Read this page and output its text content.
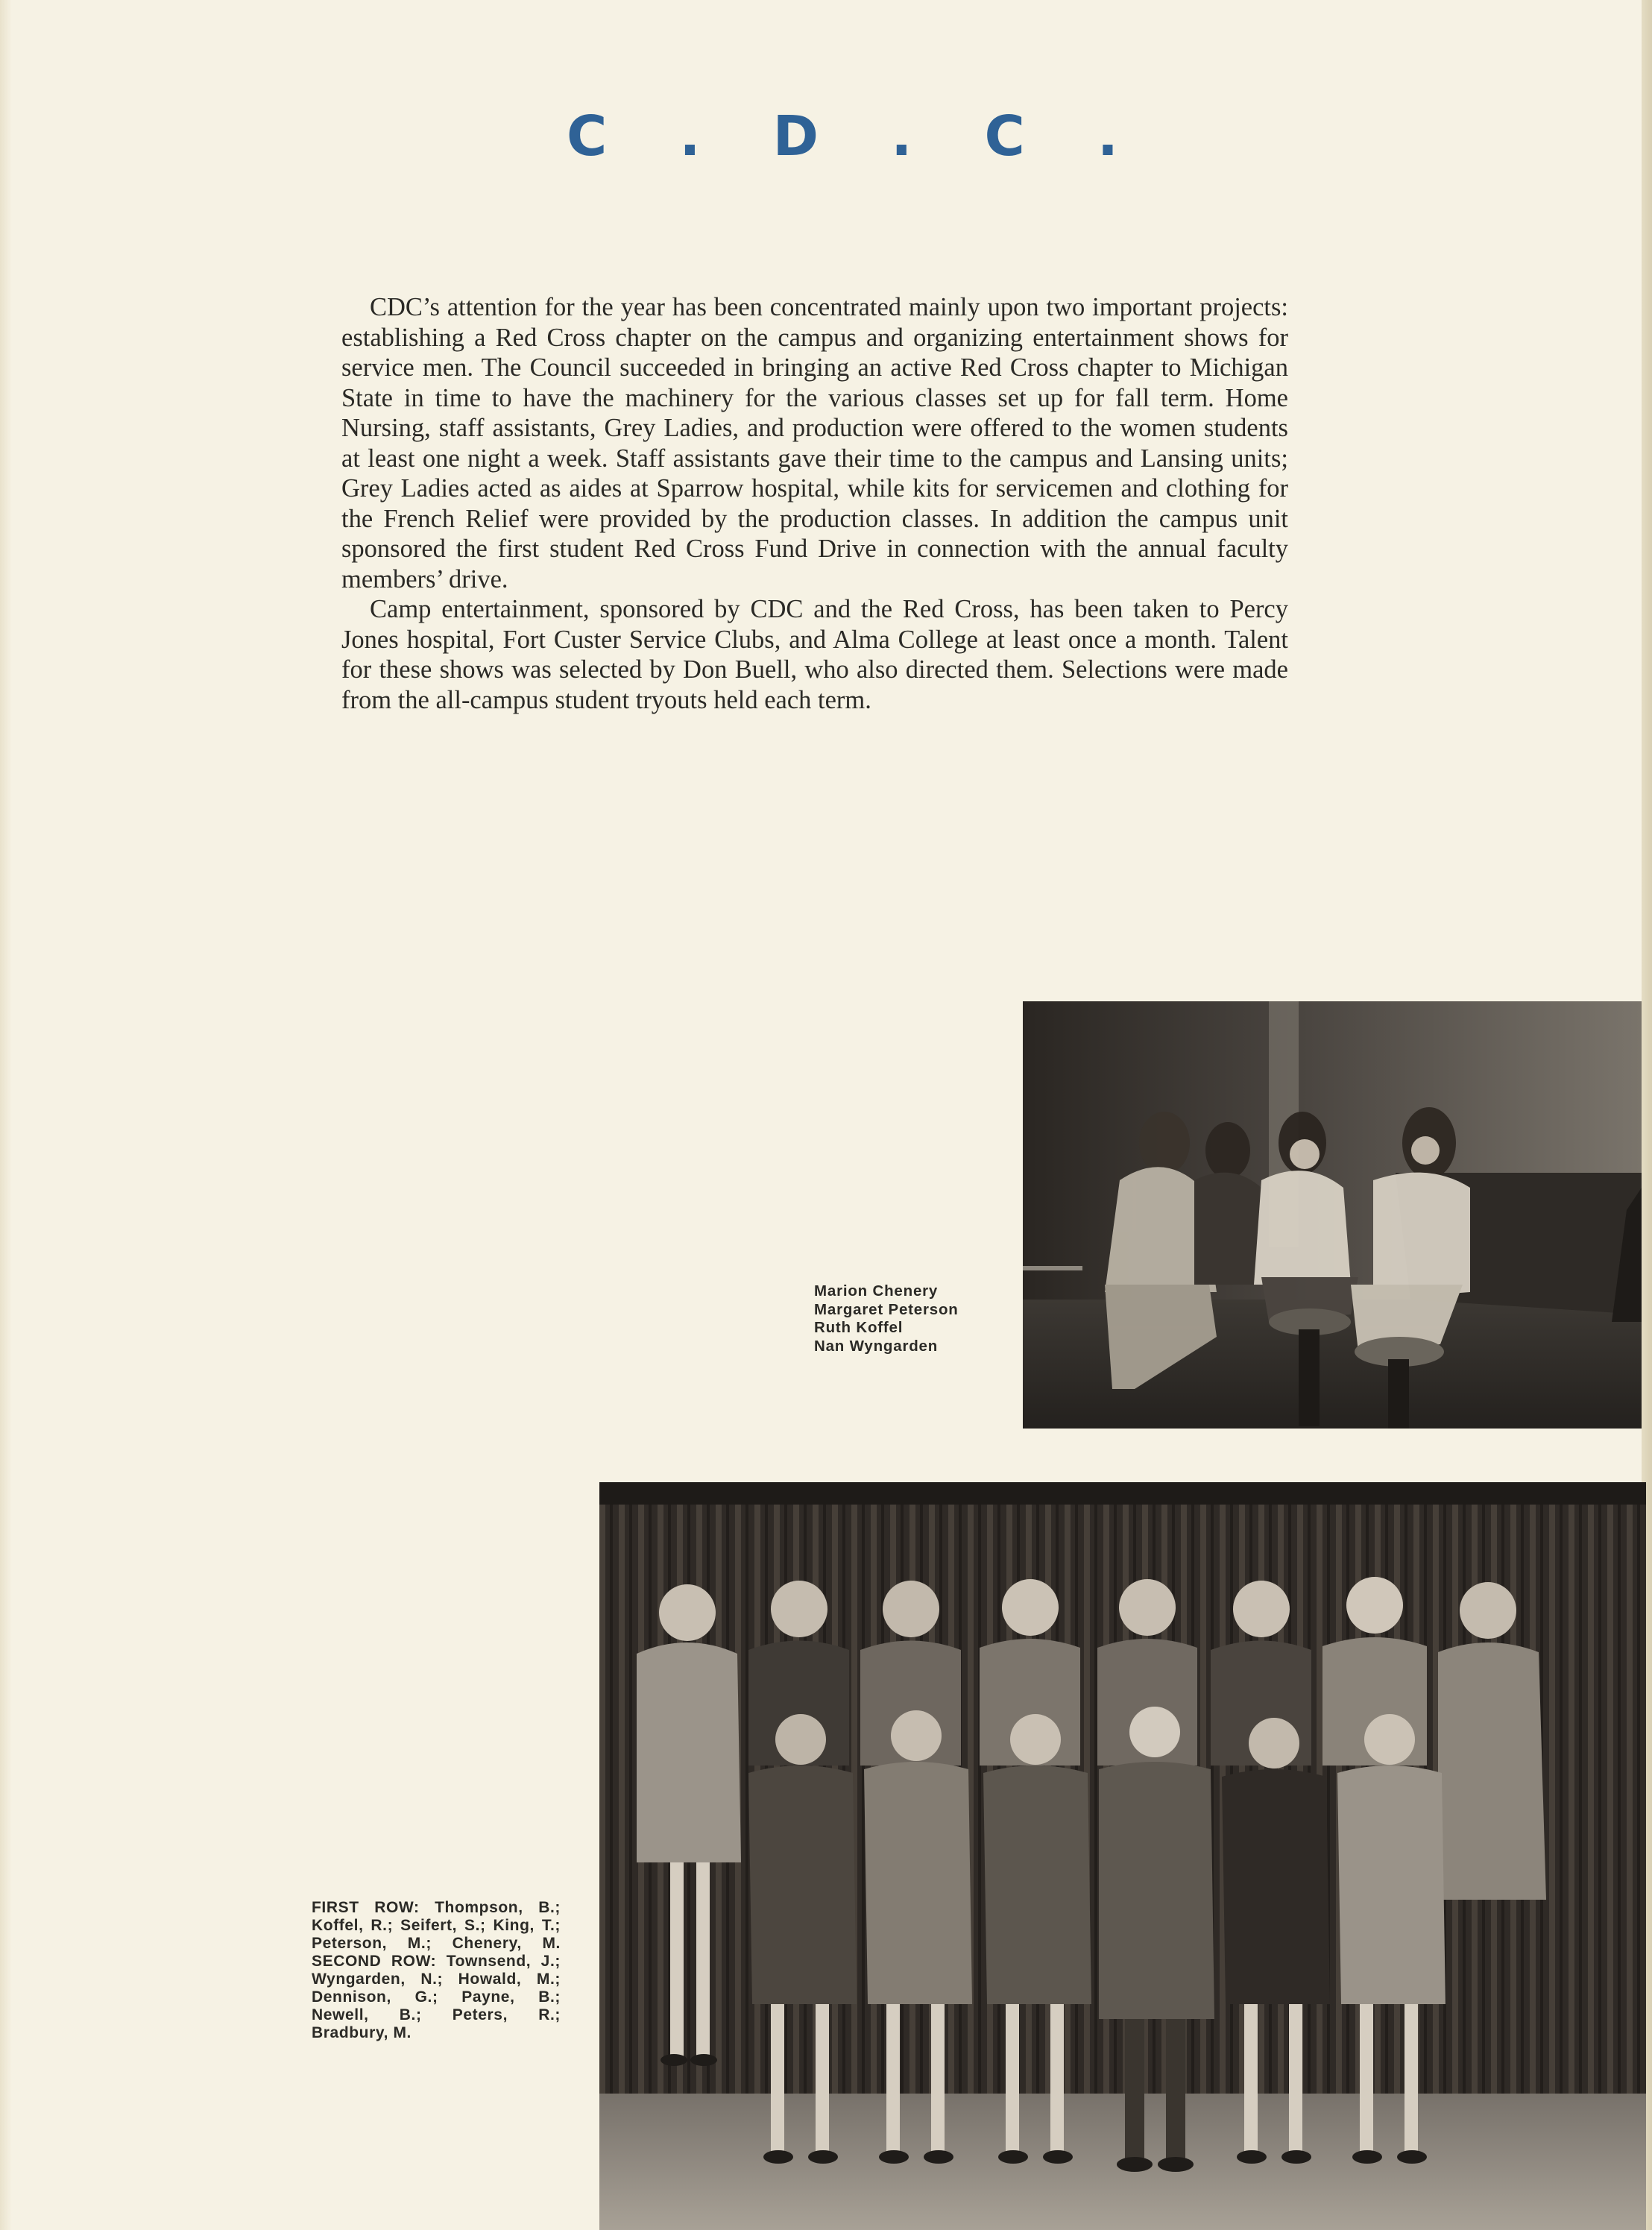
C . D . C .

CDC’s attention for the year has been concentrated mainly upon two important projects: establishing a Red Cross chapter on the campus and organizing entertainment shows for service men. The Council succeeded in bringing an active Red Cross chapter to Michigan State in time to have the machinery for the various classes set up for fall term. Home Nursing, staff assistants, Grey Ladies, and production were offered to the women students at least one night a week. Staff assistants gave their time to the campus and Lansing units; Grey Ladies acted as aides at Sparrow hospital, while kits for servicemen and clothing for the French Relief were provided by the production classes. In addition the campus unit sponsored the first student Red Cross Fund Drive in connection with the annual faculty members’ drive.

Camp entertainment, sponsored by CDC and the Red Cross, has been taken to Percy Jones hospital, Fort Custer Service Clubs, and Alma College at least once a month. Talent for these shows was selected by Don Buell, who also directed them. Selections were made from the all-campus student tryouts held each term.

Marion Chenery
Margaret Peterson
Ruth Koffel
Nan Wyngarden
FIRST ROW: Thompson, B.; Koffel, R.; Seifert, S.; King, T.; Peterson, M.; Chenery, M. SECOND ROW: Townsend, J.; Wyngarden, N.; Howald, M.; Dennison, G.; Payne, B.; Newell, B.; Peters, R.; Bradbury, M.
